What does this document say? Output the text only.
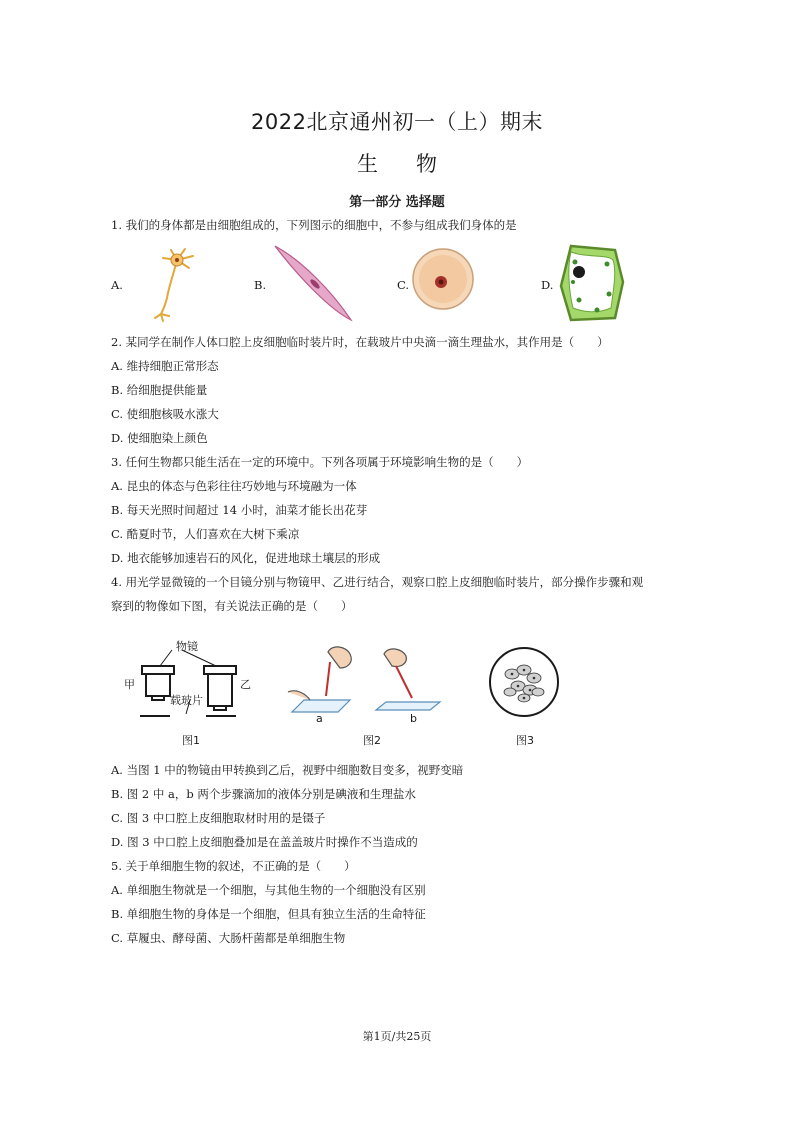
2022北京通州初一（上）期末
生物
第一部分 选择题
1. 我们的身体都是由细胞组成的，下列图示的细胞中，不参与组成我们身体的是
A.	B.	C.	D.
2. 某同学在制作人体口腔上皮细胞临时装片时，在载玻片中央滴一滴生理盐水，其作用是（　　）
A. 维持细胞正常形态
B. 给细胞提供能量
C. 使细胞核吸水涨大
D. 使细胞染上颜色
3. 任何生物都只能生活在一定的环境中。下列各项属于环境影响生物的是（　　）
A. 昆虫的体态与色彩往往巧妙地与环境融为一体
B. 每天光照时间超过 14 小时，油菜才能长出花芽
C. 酷夏时节，人们喜欢在大树下乘凉
D. 地衣能够加速岩石的风化，促进地球土壤层的形成
4. 用光学显微镜的一个目镜分别与物镜甲、乙进行结合，观察口腔上皮细胞临时装片，部分操作步骤和观
察到的物像如下图，有关说法正确的是（　　）
物镜
甲	乙
载玻片
图1
a	b
图2	图3
A. 当图 1 中的物镜由甲转换到乙后，视野中细胞数目变多，视野变暗
B. 图 2 中 a，b 两个步骤滴加的液体分别是碘液和生理盐水
C. 图 3 中口腔上皮细胞取材时用的是镊子
D. 图 3 中口腔上皮细胞叠加是在盖盖玻片时操作不当造成的
5. 关于单细胞生物的叙述，不正确的是（　　）
A. 单细胞生物就是一个细胞，与其他生物的一个细胞没有区别
B. 单细胞生物的身体是一个细胞，但具有独立生活的生命特征
C. 草履虫、酵母菌、大肠杆菌都是单细胞生物
第1页/共25页
